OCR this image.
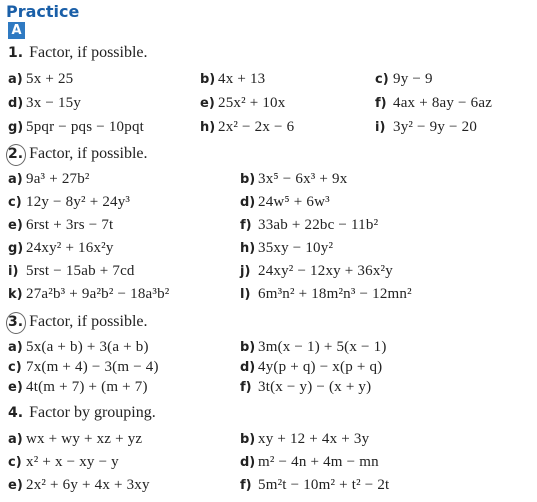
Practice
A
1. Factor, if possible.
a) 5x + 25	b) 4x + 13	c) 9y − 9
d) 3x − 15y	e) 25x² + 10x	f) 4ax + 8ay − 6az
g) 5pqr − pqs − 10pqt	h) 2x² − 2x − 6	i) 3y² − 9y − 20
2. Factor, if possible.
a) 9a³ + 27b²	b) 3x⁵ − 6x³ + 9x
c) 12y − 8y² + 24y³	d) 24w⁵ + 6w³
e) 6rst + 3rs − 7t	f) 33ab + 22bc − 11b²
g) 24xy² + 16x²y	h) 35xy − 10y²
i) 5rst − 15ab + 7cd	j) 24xy² − 12xy + 36x²y
k) 27a²b³ + 9a²b² − 18a³b²	l) 6m³n² + 18m²n³ − 12mn²
3. Factor, if possible.
a) 5x(a + b) + 3(a + b)	b) 3m(x − 1) + 5(x − 1)
c) 7x(m + 4) − 3(m − 4)	d) 4y(p + q) − x(p + q)
e) 4t(m + 7) + (m + 7)	f) 3t(x − y) − (x + y)
4. Factor by grouping.
a) wx + wy + xz + yz	b) xy + 12 + 4x + 3y
c) x² + x − xy − y	d) m² − 4n + 4m − mn
e) 2x² + 6y + 4x + 3xy	f) 5m²t − 10m² + t² − 2t
